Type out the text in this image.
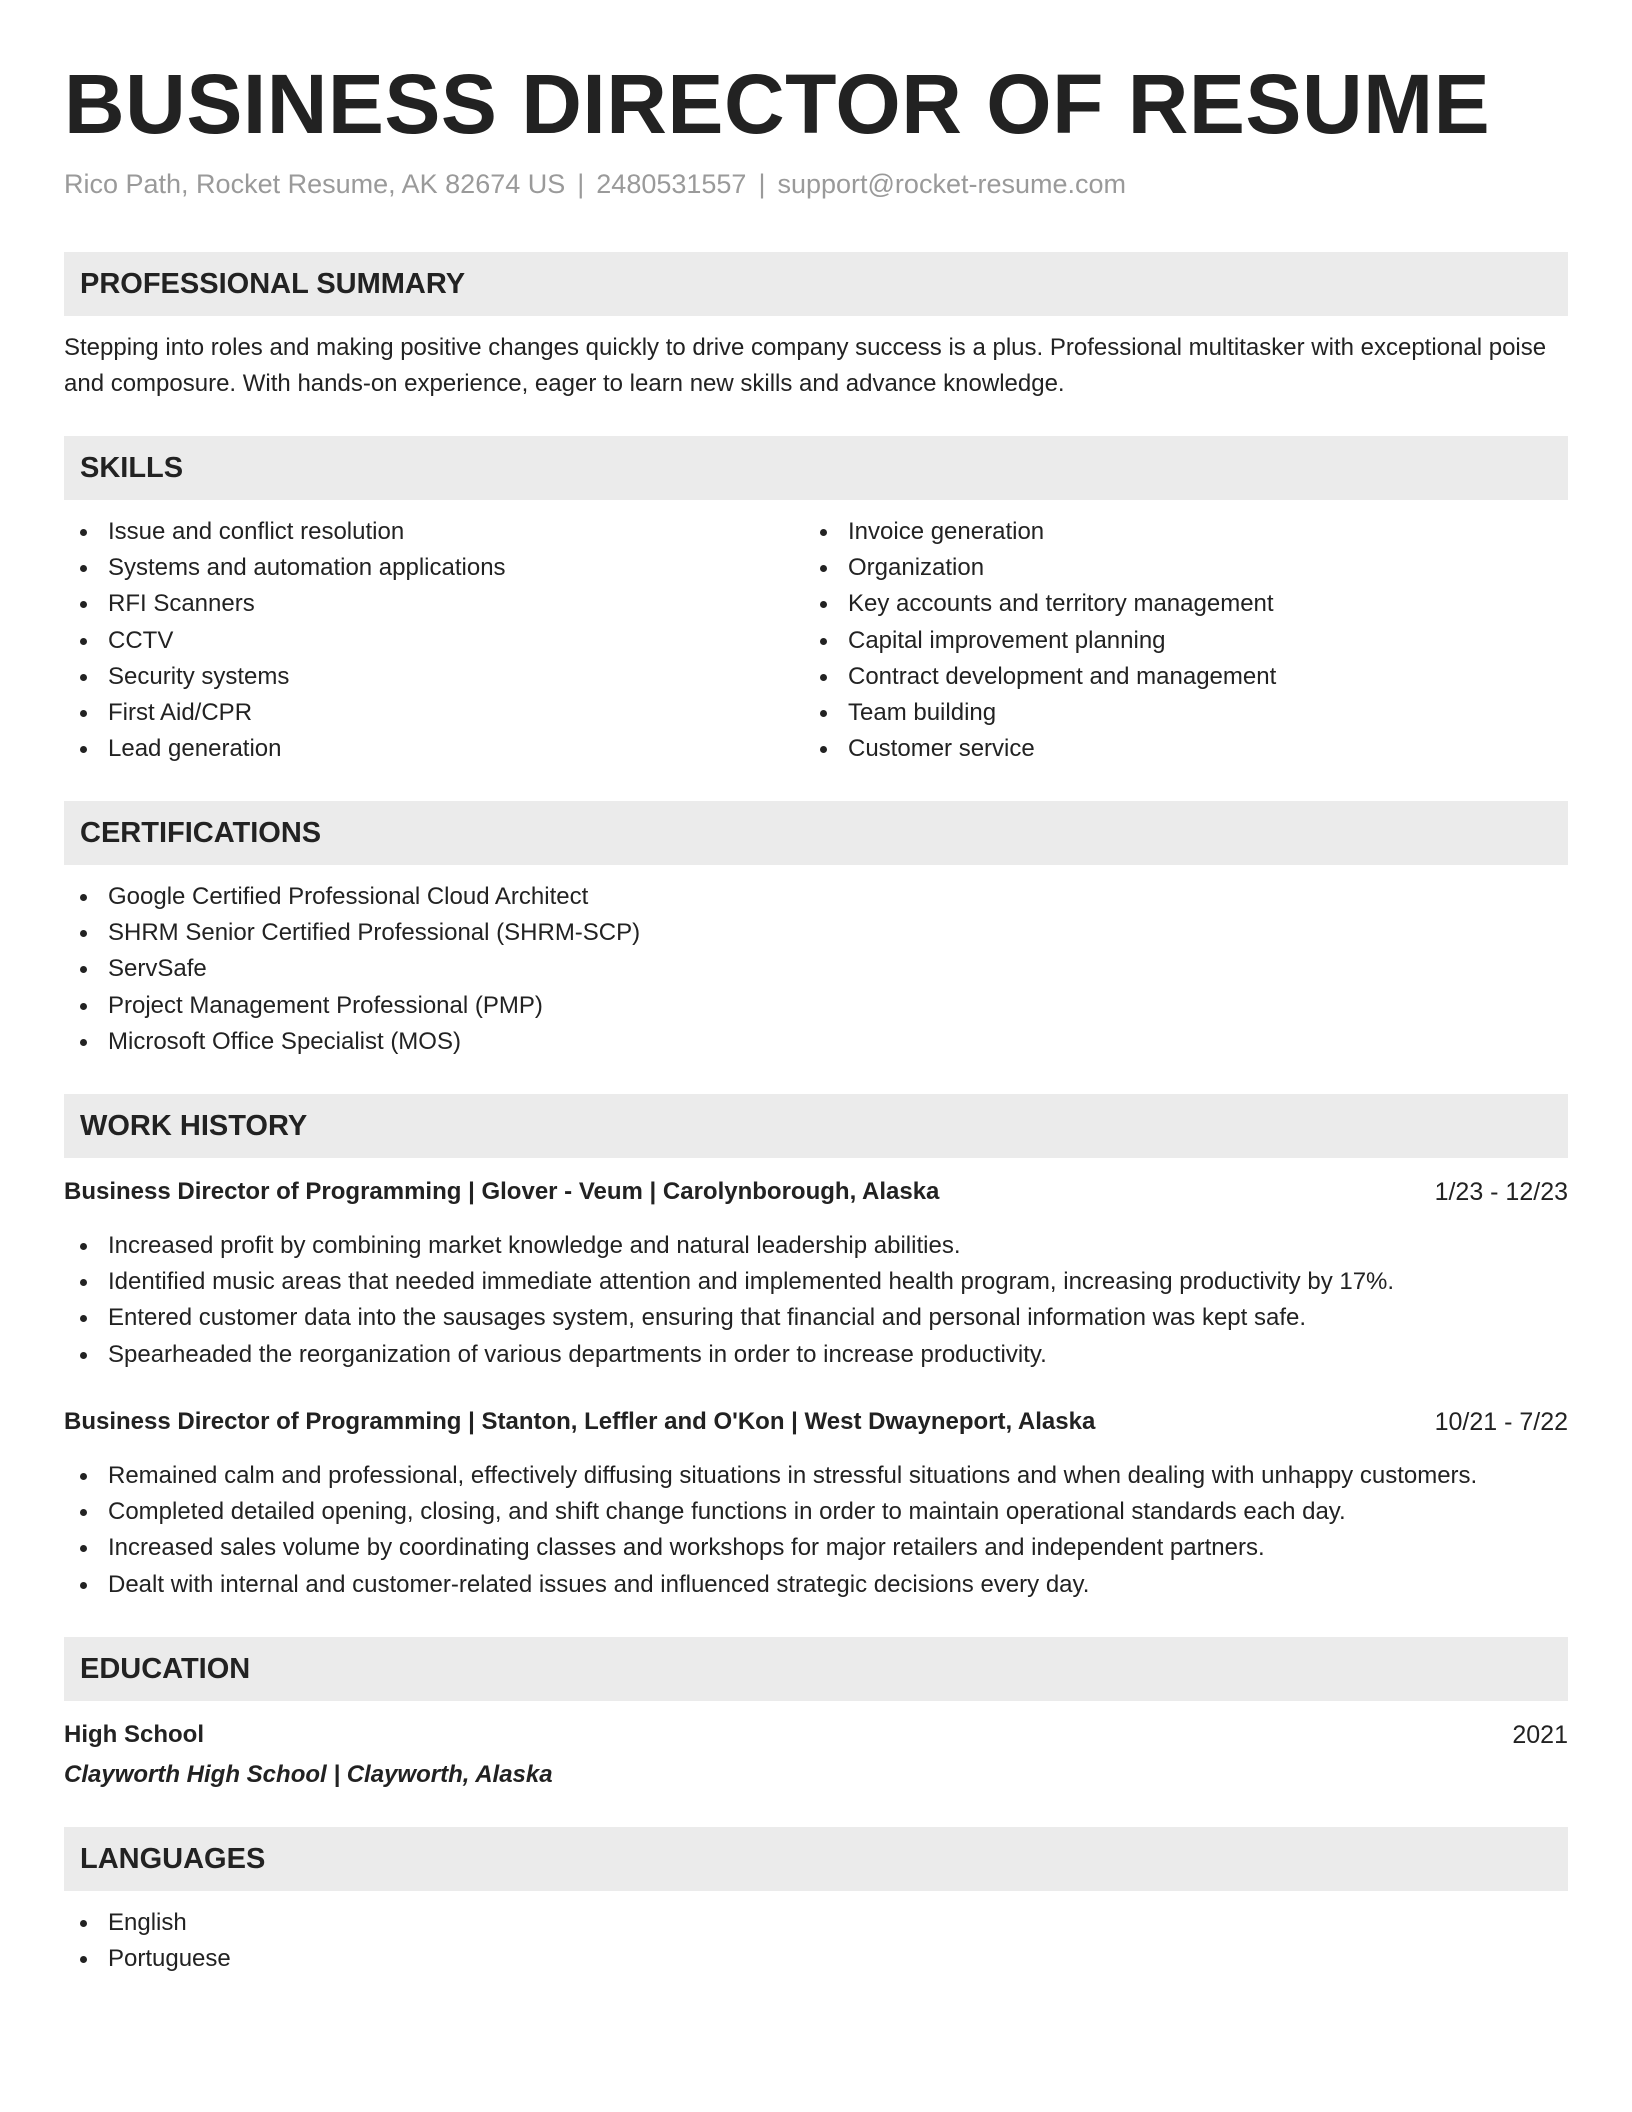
BUSINESS DIRECTOR OF RESUME
Rico Path, Rocket Resume, AK 82674 US | 2480531557 | support@rocket-resume.com
PROFESSIONAL SUMMARY

Stepping into roles and making positive changes quickly to drive company success is a plus. Professional multitasker with exceptional poise and composure. With hands-on experience, eager to learn new skills and advance knowledge.

SKILLS
Issue and conflict resolution
Systems and automation applications
RFI Scanners
CCTV
Security systems
First Aid/CPR
Lead generation
Invoice generation
Organization
Key accounts and territory management
Capital improvement planning
Contract development and management
Team building
Customer service
CERTIFICATIONS
Google Certified Professional Cloud Architect
SHRM Senior Certified Professional (SHRM-SCP)
ServSafe
Project Management Professional (PMP)
Microsoft Office Specialist (MOS)
WORK HISTORY
Business Director of Programming | Glover - Veum | Carolynborough, Alaska	1/23 - 12/23
Increased profit by combining market knowledge and natural leadership abilities.
Identified music areas that needed immediate attention and implemented health program, increasing productivity by 17%.
Entered customer data into the sausages system, ensuring that financial and personal information was kept safe.
Spearheaded the reorganization of various departments in order to increase productivity.
Business Director of Programming | Stanton, Leffler and O'Kon | West Dwayneport, Alaska	10/21 - 7/22
Remained calm and professional, effectively diffusing situations in stressful situations and when dealing with unhappy customers.
Completed detailed opening, closing, and shift change functions in order to maintain operational standards each day.
Increased sales volume by coordinating classes and workshops for major retailers and independent partners.
Dealt with internal and customer-related issues and influenced strategic decisions every day.
EDUCATION
High School	2021
Clayworth High School | Clayworth, Alaska
LANGUAGES
English
Portuguese
